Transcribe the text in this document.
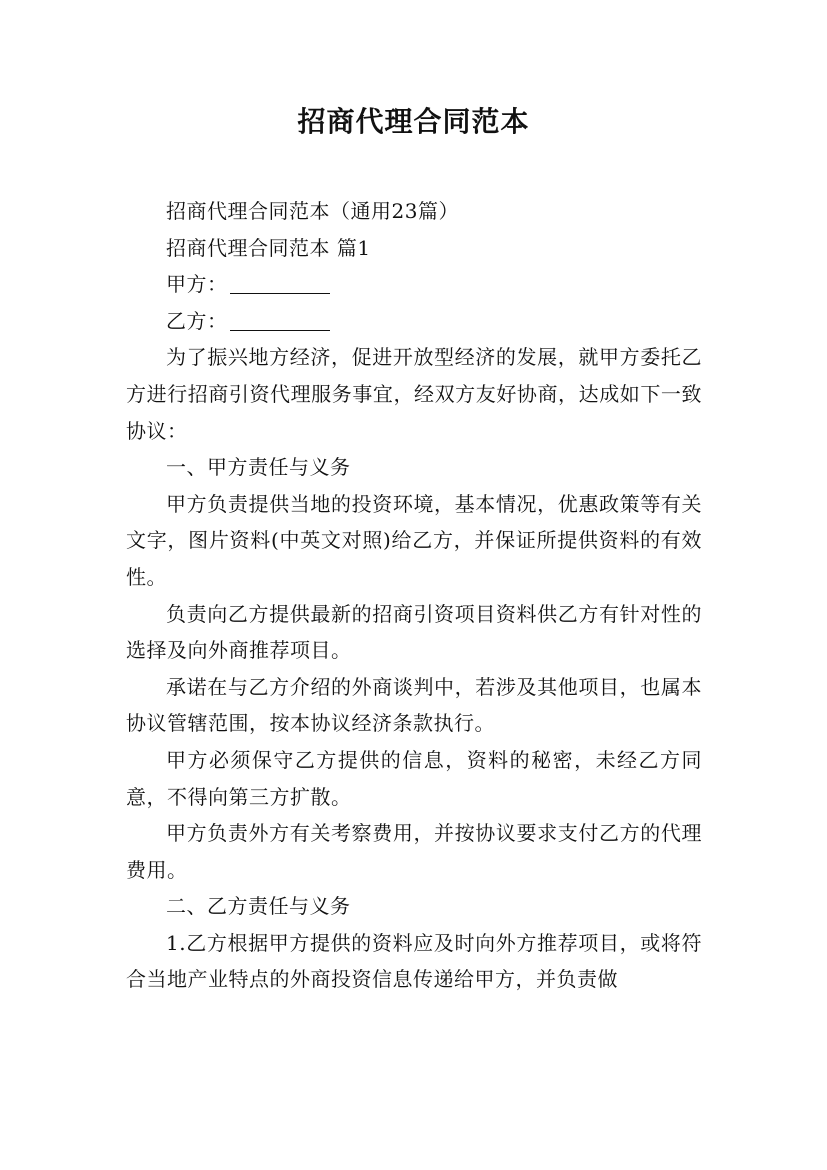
招商代理合同范本

招商代理合同范本（通用23篇）

招商代理合同范本 篇1

甲方：

乙方：

为了振兴地方经济，促进开放型经济的发展，就甲方委托乙方进行招商引资代理服务事宜，经双方友好协商，达成如下一致协议：

一、甲方责任与义务

甲方负责提供当地的投资环境，基本情况，优惠政策等有关文字，图片资料(中英文对照)给乙方，并保证所提供资料的有效性。

负责向乙方提供最新的招商引资项目资料供乙方有针对性的选择及向外商推荐项目。

承诺在与乙方介绍的外商谈判中，若涉及其他项目，也属本协议管辖范围，按本协议经济条款执行。

甲方必须保守乙方提供的信息，资料的秘密，未经乙方同意，不得向第三方扩散。

甲方负责外方有关考察费用，并按协议要求支付乙方的代理费用。

二、乙方责任与义务

1.乙方根据甲方提供的资料应及时向外方推荐项目，或将符合当地产业特点的外商投资信息传递给甲方，并负责做
